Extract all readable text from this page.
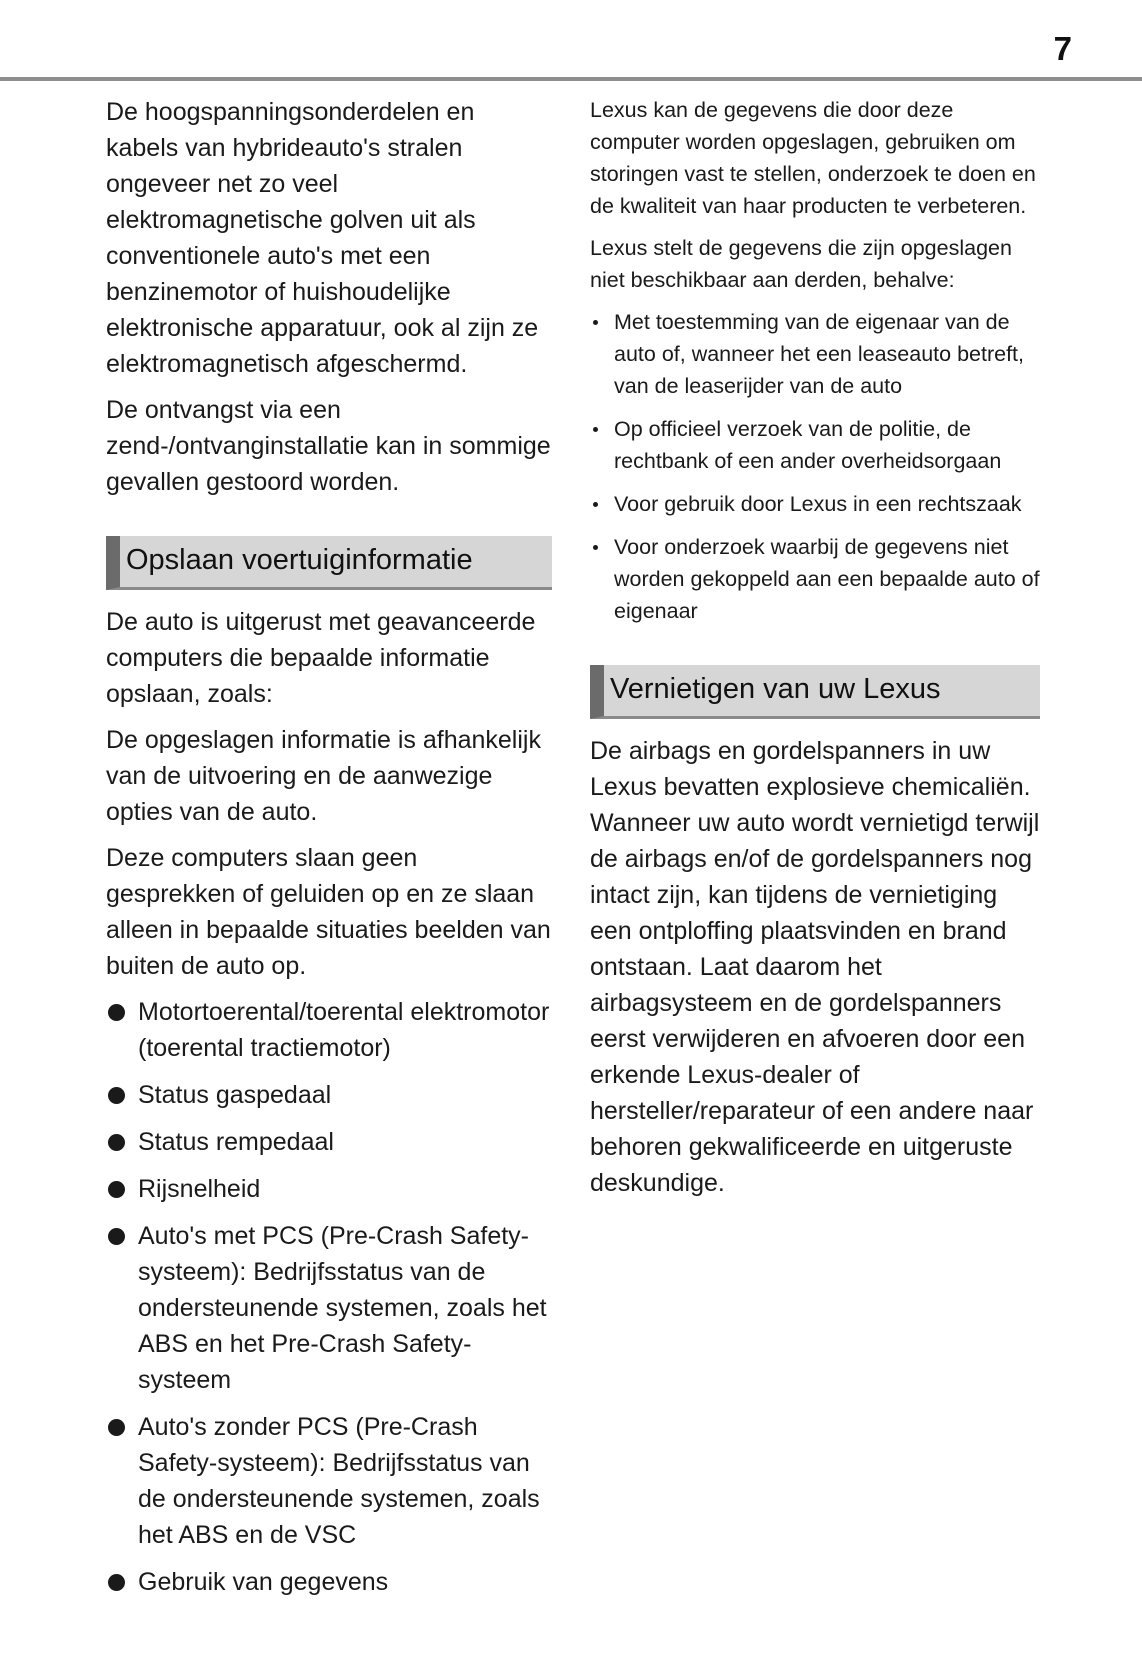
7

De hoogspanningsonderdelen en kabels van hybrideauto's stralen ongeveer net zo veel elektromagnetische golven uit als conventionele auto's met een benzinemotor of huishoudelijke elektronische apparatuur, ook al zijn ze elektromagnetisch afgeschermd.

De ontvangst via een zend-/ontvanginstallatie kan in sommige gevallen gestoord worden.

Opslaan voertuiginformatie

De auto is uitgerust met geavanceerde computers die bepaalde informatie opslaan, zoals:

De opgeslagen informatie is afhankelijk van de uitvoering en de aanwezige opties van de auto.

Deze computers slaan geen gesprekken of geluiden op en ze slaan alleen in bepaalde situaties beelden van buiten de auto op.

Motortoerental/toerental elektromotor (toerental tractiemotor)
Status gaspedaal
Status rempedaal
Rijsnelheid
Auto's met PCS (Pre-Crash Safety-systeem): Bedrijfsstatus van de ondersteunende systemen, zoals het ABS en het Pre-Crash Safety-systeem
Auto's zonder PCS (Pre-Crash Safety-systeem): Bedrijfsstatus van de ondersteunende systemen, zoals het ABS en de VSC
Gebruik van gegevens

Lexus kan de gegevens die door deze computer worden opgeslagen, gebruiken om storingen vast te stellen, onderzoek te doen en de kwaliteit van haar producten te verbeteren.

Lexus stelt de gegevens die zijn opgeslagen niet beschikbaar aan derden, behalve:

Met toestemming van de eigenaar van de auto of, wanneer het een leaseauto betreft, van de leaserijder van de auto
Op officieel verzoek van de politie, de rechtbank of een ander overheidsorgaan
Voor gebruik door Lexus in een rechtszaak
Voor onderzoek waarbij de gegevens niet worden gekoppeld aan een bepaalde auto of eigenaar
Vernietigen van uw Lexus

De airbags en gordelspanners in uw Lexus bevatten explosieve chemicaliën. Wanneer uw auto wordt vernietigd terwijl de airbags en/of de gordelspanners nog intact zijn, kan tijdens de vernietiging een ontploffing plaatsvinden en brand ontstaan. Laat daarom het airbagsysteem en de gordelspanners eerst verwijderen en afvoeren door een erkende Lexus-dealer of hersteller/reparateur of een andere naar behoren gekwalificeerde en uitgeruste deskundige.
